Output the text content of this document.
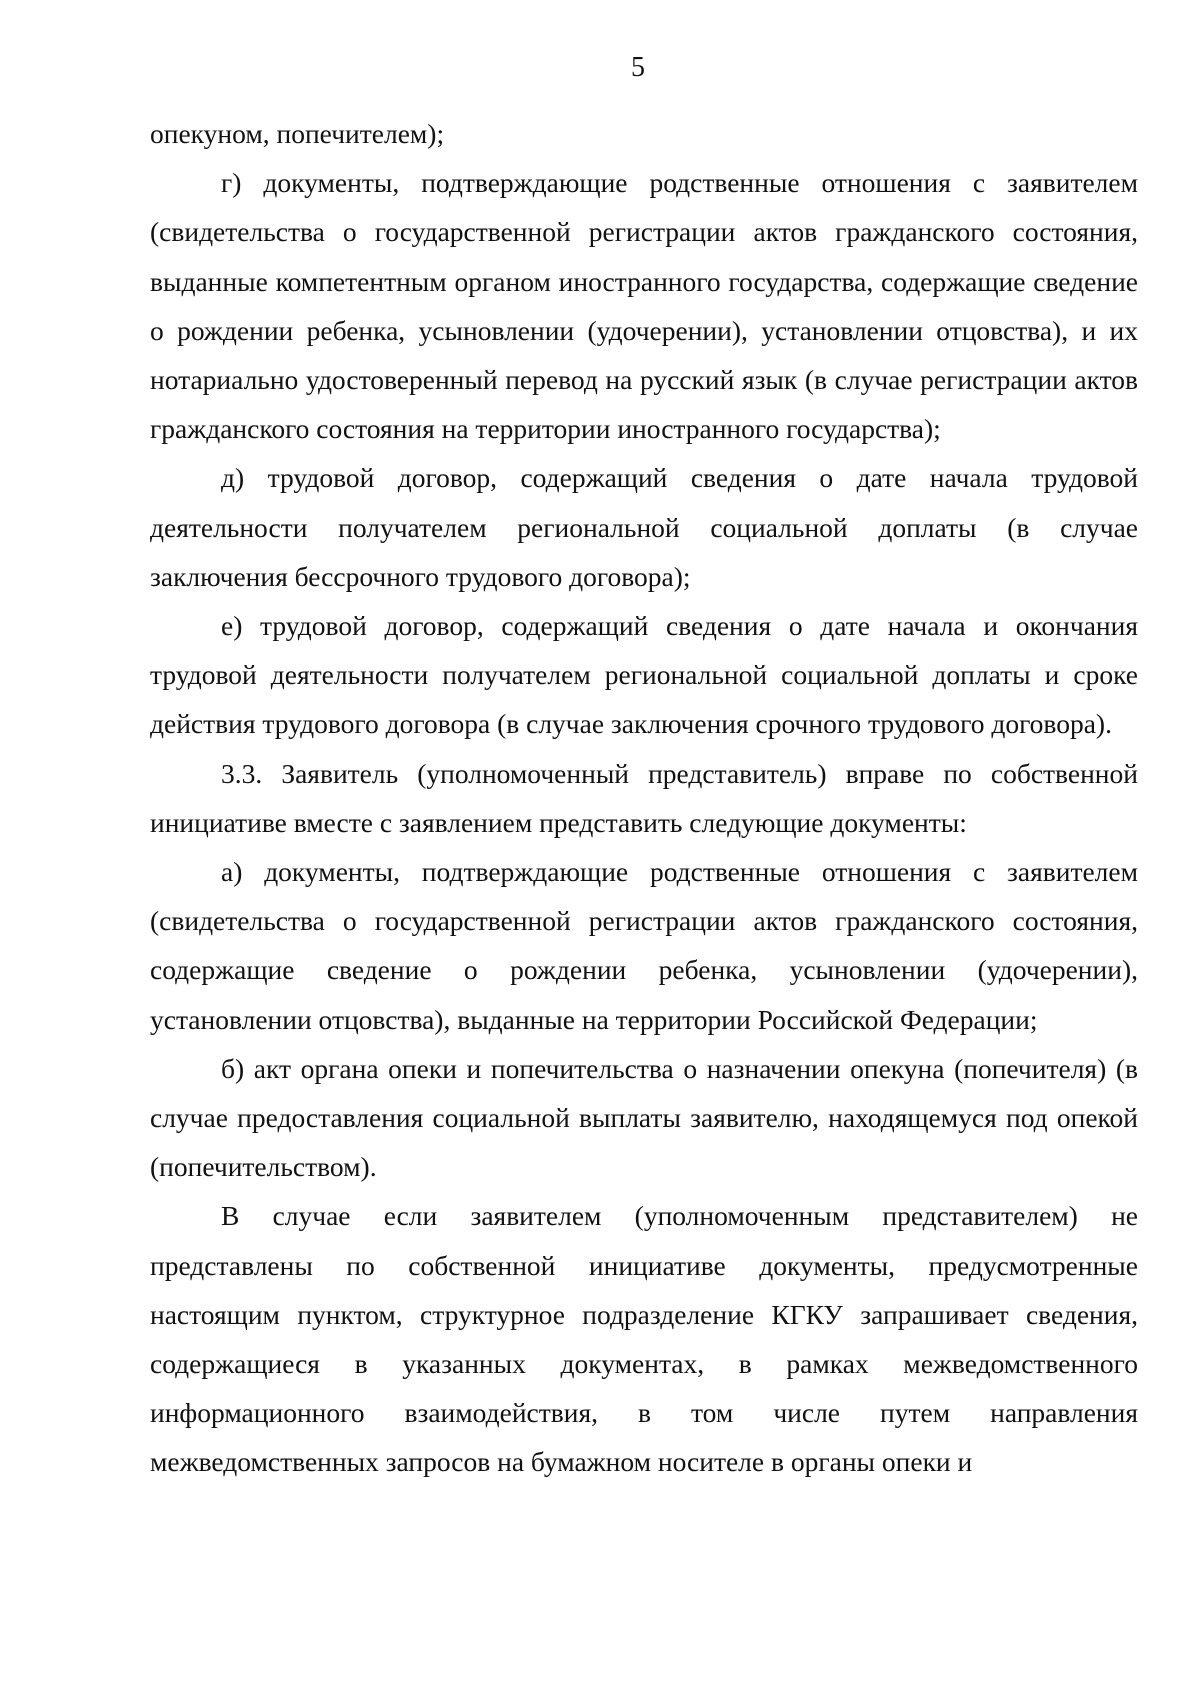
5

опекуном, попечителем);

г) документы, подтверждающие родственные отношения с заявителем (свидетельства о государственной регистрации актов гражданского состояния, выданные компетентным органом иностранного государства, содержащие сведение о рождении ребенка, усыновлении (удочерении), установлении отцовства), и их нотариально удостоверенный перевод на русский язык (в случае регистрации актов гражданского состояния на территории иностранного государства);

д) трудовой договор, содержащий сведения о дате начала трудовой деятельности получателем региональной социальной доплаты (в случае заключения бессрочного трудового договора);

е) трудовой договор, содержащий сведения о дате начала и окончания трудовой деятельности получателем региональной социальной доплаты и сроке действия трудового договора (в случае заключения срочного трудового договора).

3.3. Заявитель (уполномоченный представитель) вправе по собственной инициативе вместе с заявлением представить следующие документы:

а) документы, подтверждающие родственные отношения с заявителем (свидетельства о государственной регистрации актов гражданского состояния, содержащие сведение о рождении ребенка, усыновлении (удочерении), установлении отцовства), выданные на территории Российской Федерации;

б) акт органа опеки и попечительства о назначении опекуна (попечителя) (в случае предоставления социальной выплаты заявителю, находящемуся под опекой (попечительством).

В случае если заявителем (уполномоченным представителем) не представлены по собственной инициативе документы, предусмотренные настоящим пунктом, структурное подразделение КГКУ запрашивает сведения, содержащиеся в указанных документах, в рамках межведомственного информационного взаимодействия, в том числе путем направления межведомственных запросов на бумажном носителе в органы опеки и
